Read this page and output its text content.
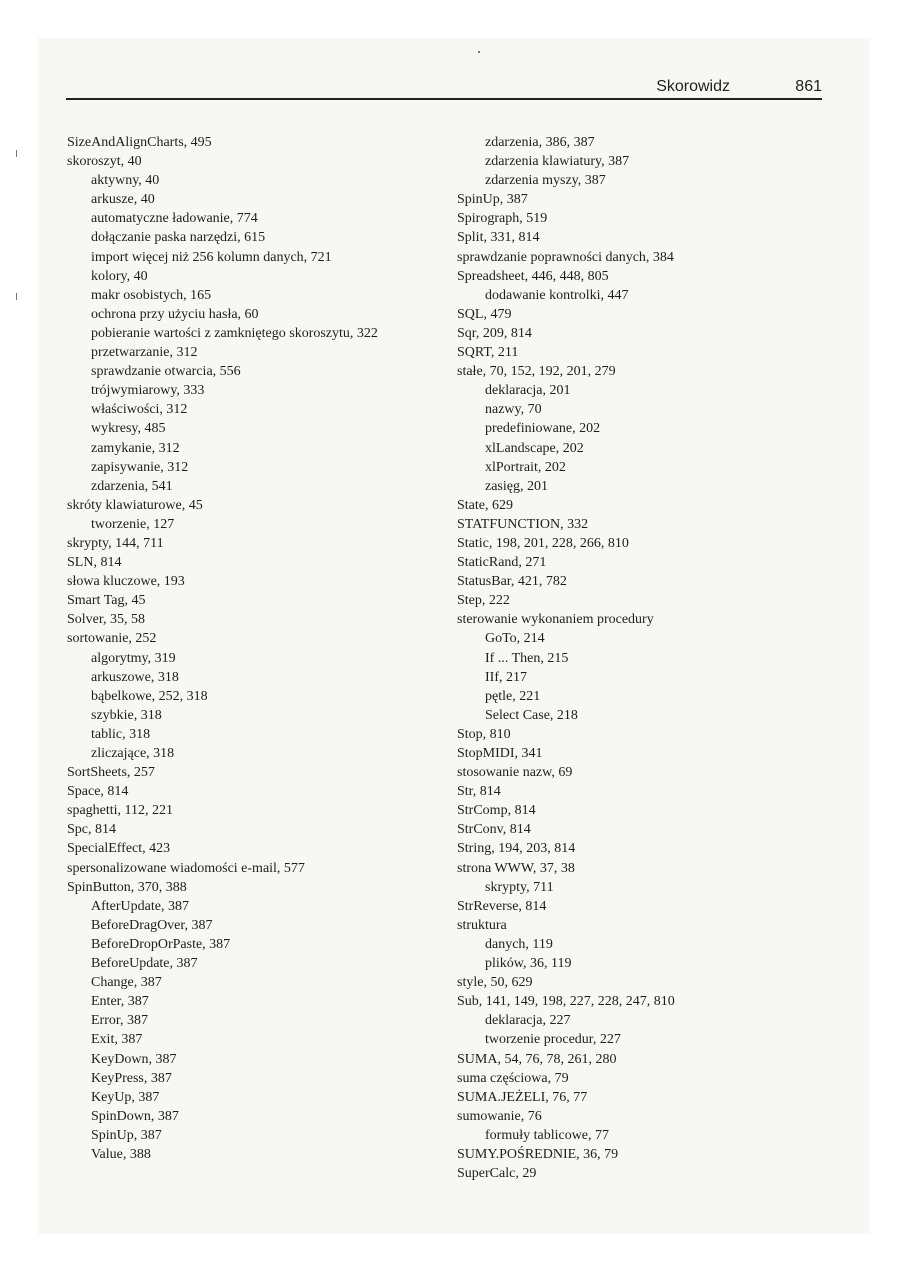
Skorowidz	861
SizeAndAlignCharts, 495
skoroszyt, 40
aktywny, 40
arkusze, 40
automatyczne ładowanie, 774
dołączanie paska narzędzi, 615
import więcej niż 256 kolumn danych, 721
kolory, 40
makr osobistych, 165
ochrona przy użyciu hasła, 60
pobieranie wartości z zamkniętego skoroszytu, 322
przetwarzanie, 312
sprawdzanie otwarcia, 556
trójwymiarowy, 333
właściwości, 312
wykresy, 485
zamykanie, 312
zapisywanie, 312
zdarzenia, 541
skróty klawiaturowe, 45
tworzenie, 127
skrypty, 144, 711
SLN, 814
słowa kluczowe, 193
Smart Tag, 45
Solver, 35, 58
sortowanie, 252
algorytmy, 319
arkuszowe, 318
bąbelkowe, 252, 318
szybkie, 318
tablic, 318
zliczające, 318
SortSheets, 257
Space, 814
spaghetti, 112, 221
Spc, 814
SpecialEffect, 423
spersonalizowane wiadomości e-mail, 577
SpinButton, 370, 388
AfterUpdate, 387
BeforeDragOver, 387
BeforeDropOrPaste, 387
BeforeUpdate, 387
Change, 387
Enter, 387
Error, 387
Exit, 387
KeyDown, 387
KeyPress, 387
KeyUp, 387
SpinDown, 387
SpinUp, 387
Value, 388
zdarzenia, 386, 387
zdarzenia klawiatury, 387
zdarzenia myszy, 387
SpinUp, 387
Spirograph, 519
Split, 331, 814
sprawdzanie poprawności danych, 384
Spreadsheet, 446, 448, 805
dodawanie kontrolki, 447
SQL, 479
Sqr, 209, 814
SQRT, 211
stałe, 70, 152, 192, 201, 279
deklaracja, 201
nazwy, 70
predefiniowane, 202
xlLandscape, 202
xlPortrait, 202
zasięg, 201
State, 629
STATFUNCTION, 332
Static, 198, 201, 228, 266, 810
StaticRand, 271
StatusBar, 421, 782
Step, 222
sterowanie wykonaniem procedury
GoTo, 214
If ... Then, 215
IIf, 217
pętle, 221
Select Case, 218
Stop, 810
StopMIDI, 341
stosowanie nazw, 69
Str, 814
StrComp, 814
StrConv, 814
String, 194, 203, 814
strona WWW, 37, 38
skrypty, 711
StrReverse, 814
struktura
danych, 119
plików, 36, 119
style, 50, 629
Sub, 141, 149, 198, 227, 228, 247, 810
deklaracja, 227
tworzenie procedur, 227
SUMA, 54, 76, 78, 261, 280
suma częściowa, 79
SUMA.JEŻELI, 76, 77
sumowanie, 76
formuły tablicowe, 77
SUMY.POŚREDNIE, 36, 79
SuperCalc, 29
